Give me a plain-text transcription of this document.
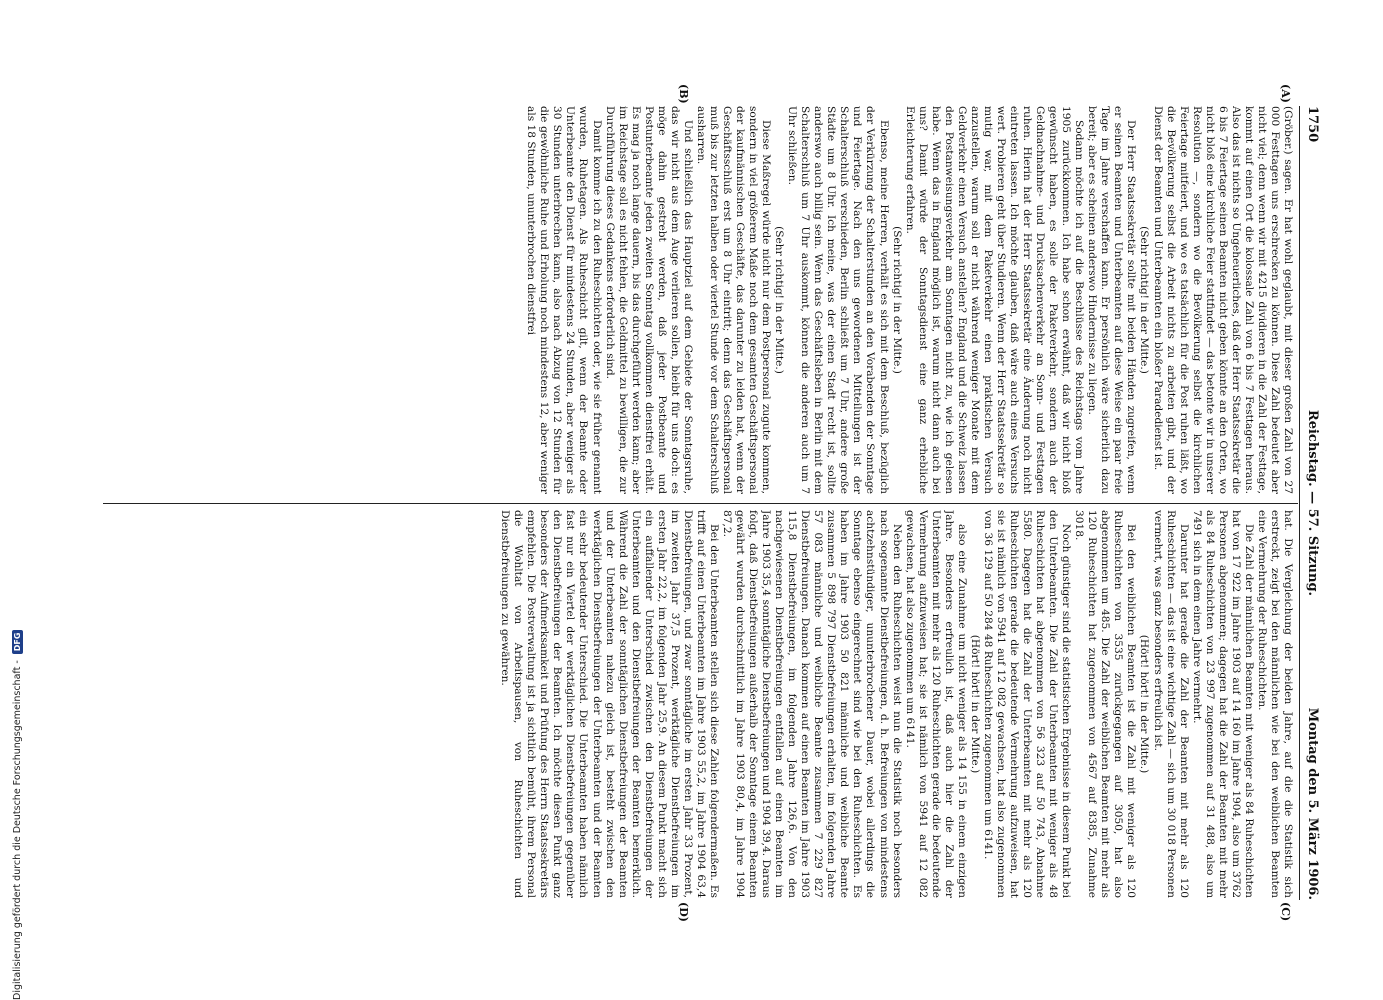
1750
Reichstag. — 57. Sitzung.
Montag den 5. März 1906.
(A)
(B)
(C)
(D)

(Gröber.) sagen. Er hat wohl geglaubt, mit dieser großen Zahl von 27 000 Festtagen uns erschrecken zu können. Diese Zahl bedeutet aber nicht viel; denn wenn wir mit 4215 dividieren in die Zahl der Festtage, kommt auf einen Ort die kolossale Zahl von 6 bis 7 Festtagen heraus. Also das ist nichts so Ungeheuerliches, daß der Herr Staatssekretär die 6 bis 7 Feiertage seinen Beamten nicht geben könnte an den Orten, wo nicht bloß eine kirchliche Feier stattfindet — das betonte wir in unserer Resolution —, sondern wo die Bevölkerung selbst die kirchlichen Feiertage mitfeiert, und wo es tatsächlich für die Post ruhen läßt, wo die Bevölkerung selbst die Arbeit nichts zu arbeiten gibt, und der Dienst der Beamten und Unterbeamten ein bloßer Paradedienst ist.

(Sehr richtig! in der Mitte.)

Der Herr Staatssekretär sollte mit beiden Händen zugreifen, wenn er seinen Beamten und Unterbeamten auf diese Weise ein paar freie Tage im Jahre verschaffen kann. Er persönlich wäre sicherlich dazu bereit; aber es scheinen anderswo Hindernisse zu liegen.

Sodann möchte ich auf die Beschlüsse des Reichstags vom Jahre 1905 zurückkommen. Ich habe schon erwähnt, daß wir nicht bloß gewünscht haben, es solle der Paketverkehr, sondern auch der Geldnachnahme- und Drucksachenverkehr an Sonn- und Festtagen ruhen. Hierin hat der Herr Staatssekretär eine Änderung noch nicht eintreten lassen. Ich möchte glauben, daß wäre auch eines Versuchs wert. Probieren geht über Studieren. Wenn der Herr Staatssekretär so mutig war, mit dem Paketverkehr einen praktischen Versuch anzustellen, warum soll er nicht während weniger Monate mit dem Geldverkehr einen Versuch anstellen? England und die Schweiz lassen den Postanweisungsverkehr am Sonntagen nicht zu, wie ich gelesen habe. Wenn das in England möglich ist, warum nicht dann auch bei uns? Damit würde der Sonntagsdienst eine ganz erhebliche Erleichterung erfahren.

(Sehr richtig! in der Mitte.)

Ebenso, meine Herren, verhält es sich mit dem Beschluß, bezüglich der Verkürzung der Schalterstunden an den Vorabenden der Sonntage und Feiertage. Nach den uns gewordenen Mitteilungen ist der Schalterschluß verschieden, Berlin schließt um 7 Uhr, andere große Städte um 8 Uhr. Ich meine, was der einen Stadt recht ist, sollte anderswo auch billig sein. Wenn das Geschäftsleben in Berlin mit dem Schalterschluß um 7 Uhr auskommt, können die anderen auch um 7 Uhr schließen.

(Sehr richtig! in der Mitte.)

Diese Maßregel würde nicht nur dem Postpersonal zugute kommen, sondern in viel größerem Maße noch dem gesamten Geschäftspersonal der kaufmännischen Geschäfte, das darunter zu leiden hat, wenn der Geschäftsschluß erst um 8 Uhr eintritt; denn das Geschäftspersonal muß bis zur letzten halben oder viertel Stunde vor dem Schalterschluß ausharren.

Und schließlich das Hauptziel auf dem Gebiete der Sonntagsruhe, das wir nicht aus dem Auge verlieren sollen, bleibt für uns doch: es möge dahin gestrebt werden, daß jeder Postbeamte und Postunterbeamte jeden zweiten Sonntag vollkommen dienstfrei erhält. Es mag ja noch lange dauern, bis das durchgeführt werden kann; aber im Reichstage soll es nicht fehlen, die Geldmittel zu bewilligen, die zur Durchführung dieses Gedankens erforderlich sind.

Damit komme ich zu den Ruheschichten oder, wie sie früher genannt wurden, Ruhetagen. Als Ruheschicht gilt, wenn der Beamte oder Unterbeamte den Dienst für mindestens 24 Stunden, aber weniger als 30 Stunden unterbrechen kann, also nach Abzug von 12 Stunden für die gewöhnliche Ruhe und Erholung noch mindestens 12, aber weniger als 18 Stunden, ununterbrochen dienstfrei

hat. Die Vergleichung der beiden Jahre, auf die die Statistik sich erstreckt, zeigt bei den männlichen wie bei den weiblichen Beamten eine Vermehrung der Ruheschichten.

Die Zahl der männlichen Beamten mit weniger als 84 Ruheschichten hat von 17 922 im Jahre 1903 auf 14 160 im Jahre 1904, also um 3762 Personen abgenommen; dagegen hat die Zahl der Beamten mit mehr als 84 Ruheschichten von 23 997 zugenommen auf 31 488, also um 7491 sich in dem einen Jahre vermehrt.

Darunter hat gerade die Zahl der Beamten mit mehr als 120 Ruheschichten — das ist eine wichtige Zahl — sich um 30 018 Personen vermehrt, was ganz besonders erfreulich ist.

(Hört! hört! in der Mitte.)

Bei den weiblichen Beamten ist die Zahl mit weniger als 120 Ruheschichten von 3535 zurückgegangen auf 3050, hat also abgenommen um 485. Die Zahl der weiblichen Beamten mit mehr als 120 Ruheschichten hat zugenommen von 4567 auf 8385, Zunahme 3018.

Noch günstiger sind die statistischen Ergebnisse in diesem Punkt bei den Unterbeamten. Die Zahl der Unterbeamten mit weniger als 48 Ruheschichten hat abgenommen von 56 323 auf 50 743, Abnahme 5580. Dagegen hat die Zahl der Unterbeamten mit mehr als 120 Ruheschichten gerade die bedeutende Vermehrung aufzuweisen, hat sie ist nämlich von 5941 auf 12 082 gewachsen, hat also zugenommen von 36 129 auf 50 284 48 Ruheschichten zugenommen um 6141.

(Hört! hört! in der Mitte.)

also eine Zunahme um nicht weniger als 14 155 in einem einzigen Jahre. Besonders erfreulich ist, daß auch hier die Zahl der Unterbeamten mit mehr als 120 Ruheschichten gerade die bedeutende Vermehrung aufzuweisen hat; sie ist nämlich von 5941 auf 12 082 gewachsen, hat also zugenommen um 6141.

Neben den Ruheschichten weist nun die Statistik noch besonders nach sogenannte Dienstbefreiungen, d. h. Befreiungen von mindestens achtzehnstündiger, ununterbrochener Dauer, wobei allerdings die Sonntage ebenso eingerechnet sind wie bei den Ruheschichten. Es haben im Jahre 1903 50 821 männliche und weibliche Beamte zusammen 5 898 797 Dienstbefreiungen erhalten, im folgenden Jahre 57 083 männliche und weibliche Beamte zusammen 7 229 827 Dienstbefreiungen. Danach kommen auf einen Beamten im Jahre 1903 115,8 Dienstbefreiungen, im folgenden Jahre 126,6. Von den nachgewiesenen Dienstbefreiungen entfallen auf einen Beamten im Jahre 1903 35,4 sonntägliche Dienstbefreiungen und 1904 39,4. Daraus folgt, daß Dienstbefreiungen außerhalb der Sonntage einem Beamten gewährt wurden durchschnittlich im Jahre 1903 80,4, im Jahre 1904 87,2.

Bei den Unterbeamten stellen sich diese Zahlen folgendermaßen. Es trifft auf einen Unterbeamten im Jahre 1903 55,2, im Jahre 1904 63,4 Dienstbefreiungen, und zwar sonntägliche im ersten Jahr 33 Prozent, im zweiten Jahr 37,5 Prozent, werktägliche Dienstbefreiungen im ersten Jahr 22,2, im folgenden Jahr 25,9. An diesem Punkt macht sich ein auffallender Unterschied zwischen den Dienstbefreiungen der Unterbeamten und den Dienstbefreiungen der Beamten bemerklich. Während die Zahl der sonntäglichen Dienstbefreiungen der Beamten und der Unterbeamten nahezu gleich ist, besteht zwischen den werktäglichen Dienstbefreiungen der Unterbeamten und der Beamten ein sehr bedeutender Unterschied. Die Unterbeamten haben nämlich fast nur ein Viertel der werktäglichen Dienstbefreiungen gegenüber den Dienstbefreiungen der Beamten. Ich möchte diesen Punkt ganz besonders der Aufmerksamkeit und Prüfung des Herrn Staatssekretärs empfehlen. Die Postverwaltung ist ja sichtlich bemüht, ihrem Personal die Wohltat von Arbeitspausen, von Ruheschichten und Dienstbefreiungen zu gewähren.

Digitalisierung gefördert durch die Deutsche Forschungsgemeinschaft -
DFG
